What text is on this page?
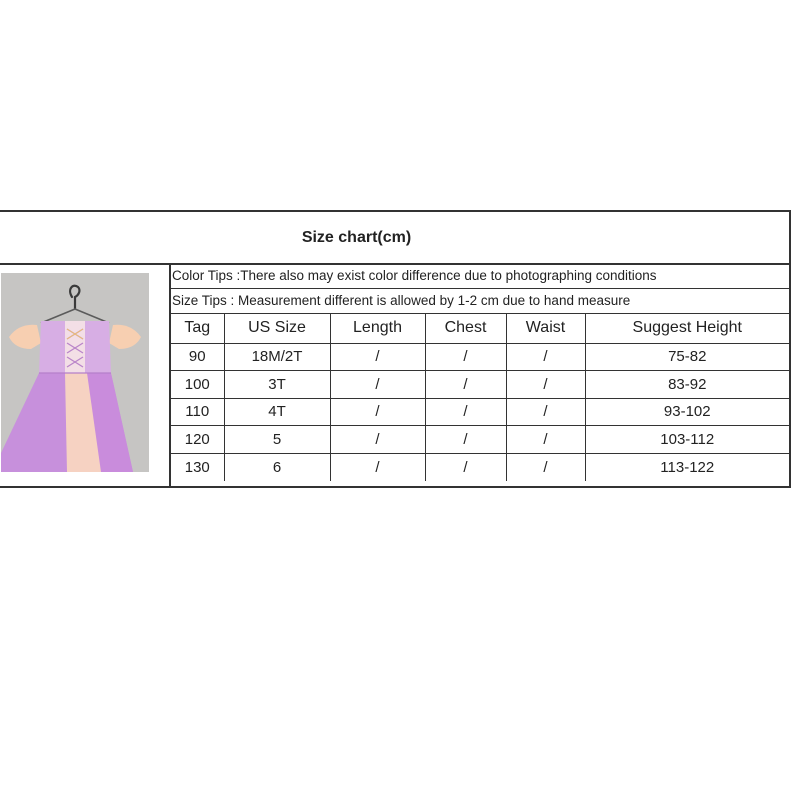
Size chart(cm)
Color Tips :There also may exist color difference due to photographing conditions
Size Tips : Measurement different is allowed by 1-2 cm due to hand measure
Tag	US Size	Length	Chest	Waist	Suggest Height
90	18M/2T	/	/	/	75-82
100	3T	/	/	/	83-92
110	4T	/	/	/	93-102
120	5	/	/	/	103-112
130	6	/	/	/	113-122
